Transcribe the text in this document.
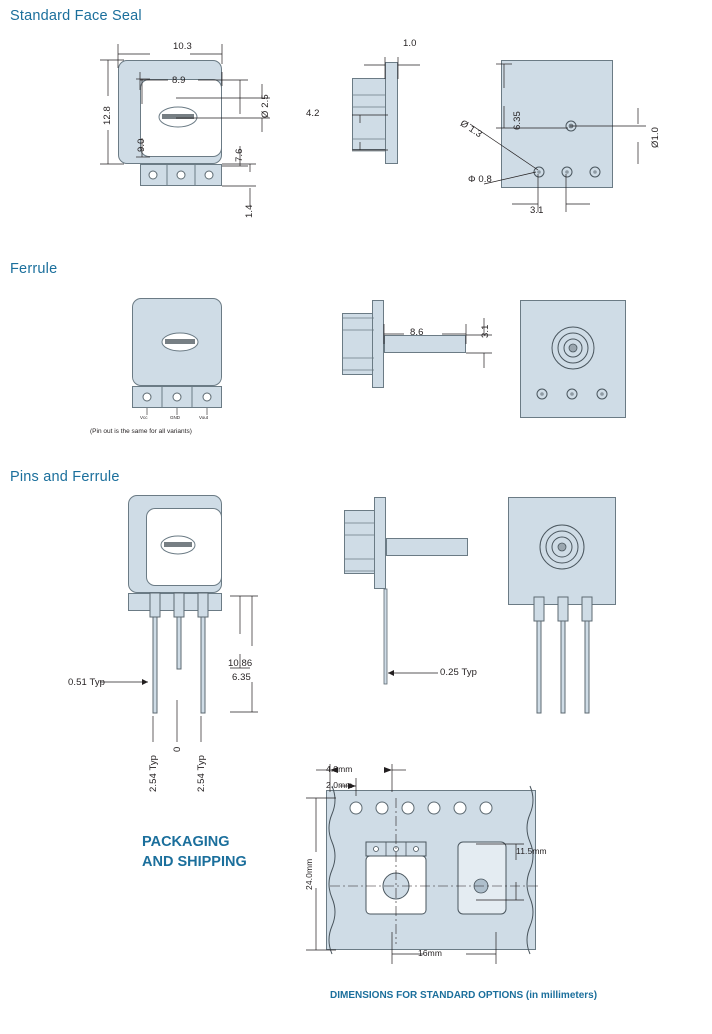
Standard Face Seal
Ferrule
Pins and Ferrule
10.3
8.9
12.8
9.0
Ø 2.5
7.6
1.4
1.0
4.2	6.35
Ø1.0
Ø 1.3
Φ 0.8
3.1
Vcc	GND	Vout
(Pin out is the same for all variants)
8.6	3.1
10.86
6.35
0.51 Typ
2.54 Typ
0
2.54 Typ
0.25 Typ
PACKAGING
AND SHIPPING
4.0mm
2.0mm
24.0mm
11.5mm
16mm
DIMENSIONS FOR STANDARD OPTIONS (in millimeters)
